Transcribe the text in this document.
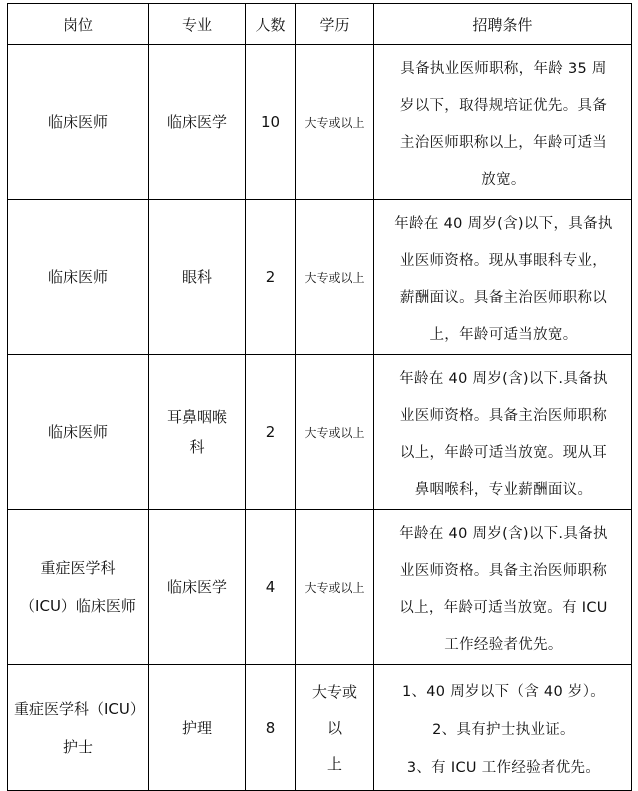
岗位	专业	人数	学历	招聘条件

临床医师	临床医学	10	大专或以上	具备执业医师职称，年龄 35 周
岁以下，取得规培证优先。具备
主治医师职称以上，年龄可适当
放宽。

临床医师	眼科	2	大专或以上	年龄在 40 周岁(含)以下，具备执
业医师资格。现从事眼科专业，
薪酬面议。具备主治医师职称以
上，年龄可适当放宽。

临床医师	耳鼻咽喉
科	2	大专或以上	年龄在 40 周岁(含)以下.具备执
业医师资格。具备主治医师职称
以上，年龄可适当放宽。现从耳
鼻咽喉科，专业薪酬面议。

重症医学科
（ICU）临床医师	临床医学	4	大专或以上	年龄在 40 周岁(含)以下.具备执
业医师资格。具备主治医师职称
以上，年龄可适当放宽。有 ICU
工作经验者优先。

重症医学科（ICU）
护士	护理	8	大专或以
上	1、40 周岁以下（含 40 岁）。
2、具有护士执业证。
3、有 ICU 工作经验者优先。
